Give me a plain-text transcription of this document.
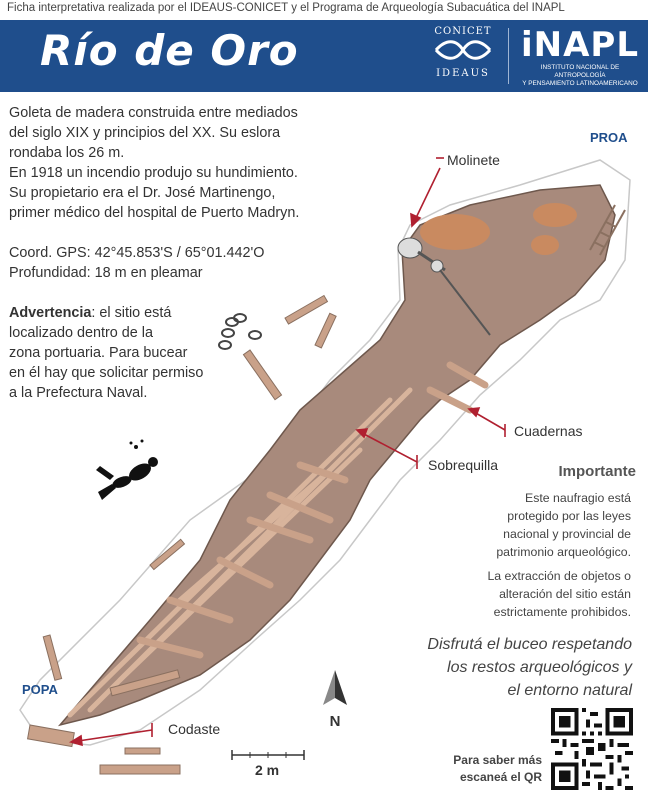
Ficha interpretativa realizada por el IDEAUS-CONICET y el Programa de Arqueología Subacuática del INAPL
Río de Oro	CONICET
IDEAUS
iNAPL
INSTITUTO NACIONAL DE ANTROPOLOGÍA
Y PENSAMIENTO LATINOAMERICANO

Goleta de madera construida entre mediados

del siglo XIX y principios del XX. Su eslora

rondaba los 26 m.

En 1918 un incendio produjo su hundimiento.

Su propietario era el Dr. José Martinengo,

primer médico del hospital de Puerto Madryn.

Coord. GPS: 42°45.853'S / 65°01.442'O

Profundidad: 18 m en pleamar

Advertencia: el sitio está

localizado dentro de la

zona portuaria. Para bucear

en él hay que solicitar permiso

a la Prefectura Naval.

PROA
POPA
Molinete
Cuadernas
Sobrequilla
Codaste
Importante

Este naufragio está
protegido por las leyes
nacional y provincial de
patrimonio arqueológico.

La extracción de objetos o
alteración del sitio están
estrictamente prohibidos.

Disfrutá el buceo respetando
los restos arqueológicos y
el entorno natural
N
2 m
Para saber más
escaneá el QR
